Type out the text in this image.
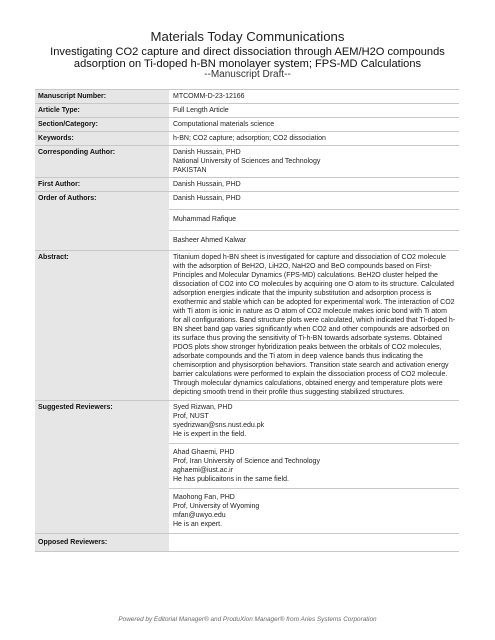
Materials Today Communications
Investigating CO2 capture and direct dissociation through AEM/H2O compounds adsorption on Ti-doped h-BN monolayer system; FPS-MD Calculations
--Manuscript Draft--
Manuscript Number:	MTCOMM-D-23-12166
Article Type:	Full Length Article
Section/Category:	Computational materials science
Keywords:	h-BN; CO2 capture; adsorption; CO2 dissociation
Corresponding Author:	Danish Hussain, PHD
National University of Sciences and Technology
PAKISTAN
First Author:	Danish Hussain, PHD
Order of Authors:	Danish Hussain, PHD
Muhammad Rafique
Basheer Ahmed Kalwar
Abstract:	Titanium doped h-BN sheet is investigated for capture and dissociation of CO2 molecule with the adsorption of BeH2O, LiH2O, NaH2O and BeO compounds based on First-Principles and Molecular Dynamics (FPS-MD) calculations. BeH2O cluster helped the dissociation of CO2 into CO molecules by acquiring one O atom to its structure. Calculated adsorption energies indicate that the impurity substitution and adsorption process is exothermic and stable which can be adopted for experimental work. The interaction of CO2 with Ti atom is ionic in nature as O atom of CO2 molecule makes ionic bond with Ti atom for all configurations. Band structure plots were calculated, which indicated that Ti-doped h-BN sheet band gap varies significantly when CO2 and other compounds are adsorbed on its surface thus proving the sensitivity of Ti-h-BN towards adsorbate systems. Obtained PDOS plots show stronger hybridization peaks between the orbitals of CO2 molecules, adsorbate compounds and the Ti atom in deep valence bands thus indicating the chemisorption and physisorption behaviors. Transition state search and activation energy barrier calculations were performed to explain the dissociation process of CO2 molecule. Through molecular dynamics calculations, obtained energy and temperature plots were depicting smooth trend in their profile thus suggesting stabilized structures.
Suggested Reviewers:	Syed Rizwan, PHD
Prof, NUST
syedrizwan@sns.nust.edu.pk
He is expert in the field.
Ahad Ghaemi, PHD
Prof, Iran University of Science and Technology
aghaemi@iust.ac.ir
He has publicaitons in the same field.
Maohong Fan, PHD
Prof, University of Wyoming
mfan@uwyo.edu
He is an expert.
Opposed Reviewers:
Powered by Editorial Manager® and ProduXion Manager® from Aries Systems Corporation
